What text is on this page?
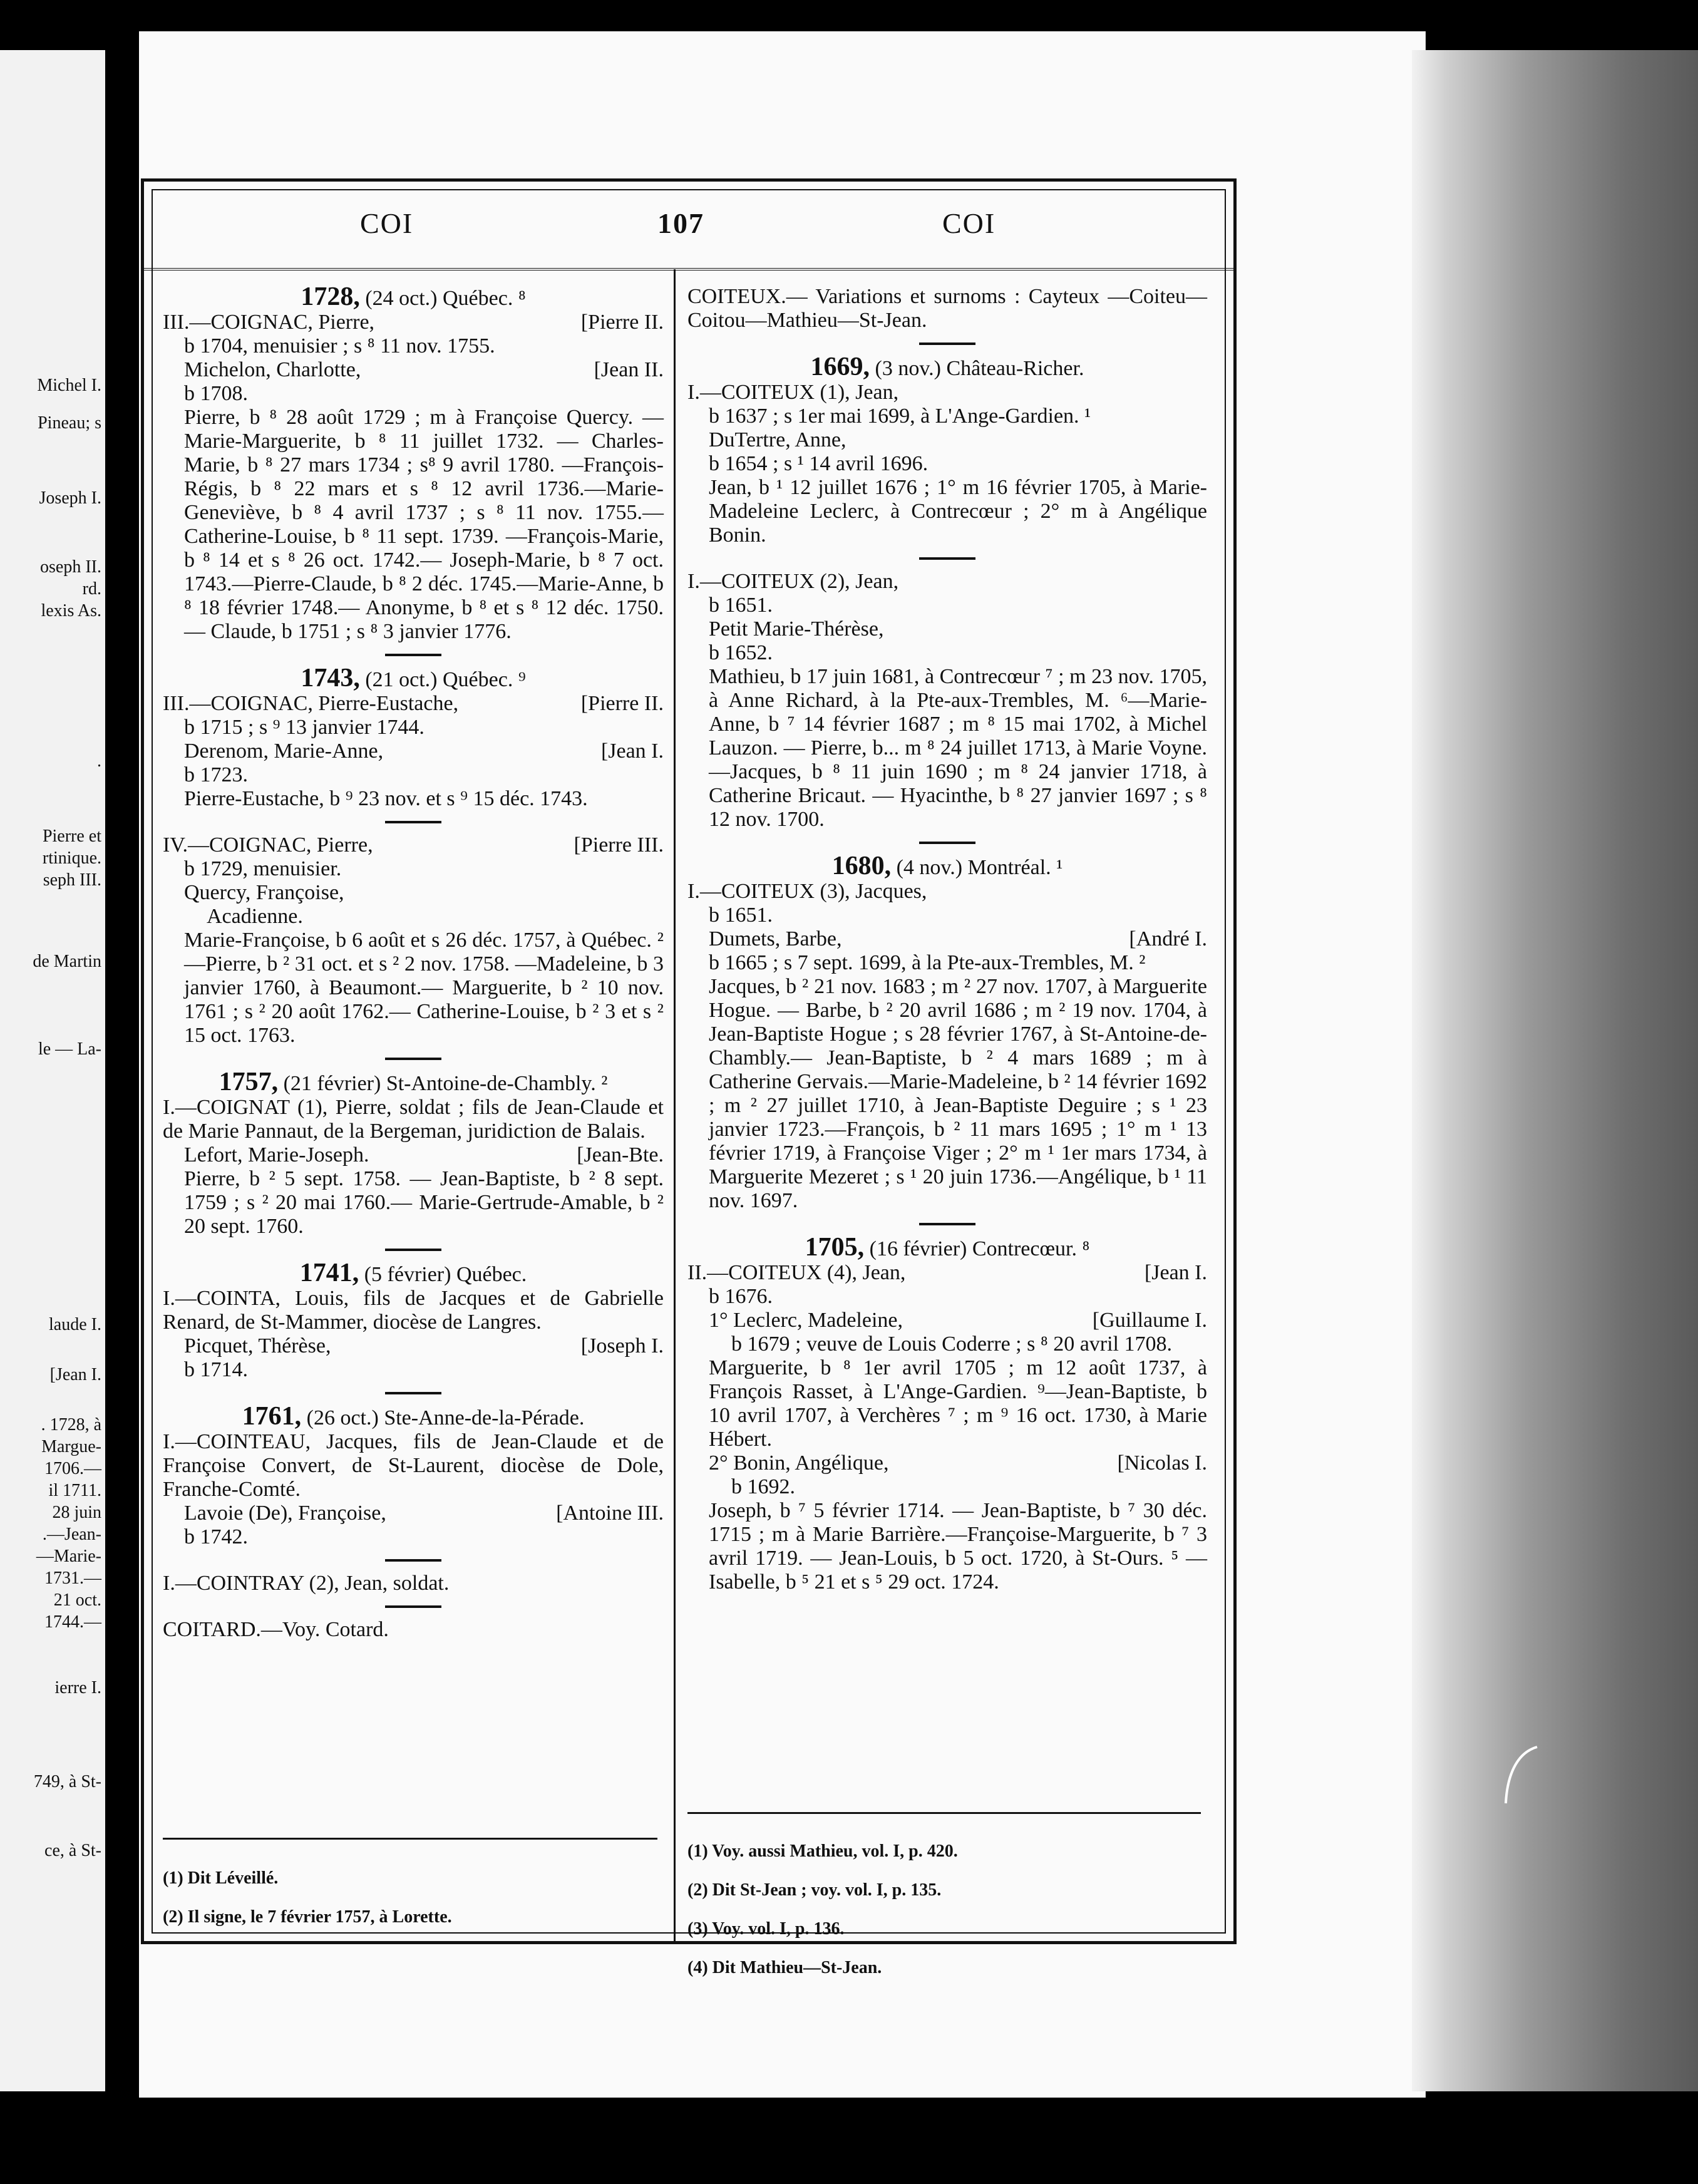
Michel I.
Pineau; s
Joseph I.
oseph II.
rd.
lexis As.
.
Pierre et
rtinique.
seph III.
de Martin
le — La-
laude I.
[Jean I.
. 1728, à
Margue-
1706.—
il 1711.
28 juin
.—Jean-
—Marie-
1731.—
21 oct.
1744.—
ierre I.
749, à St-
ce, à St-
COI	107	COI

1728, (24 oct.) Québec. ⁸

[Pierre II.
III.—COIGNAC, Pierre,

b 1704, menuisier ; s ⁸ 11 nov. 1755.

[Jean II.
Michelon, Charlotte,

b 1708.

Pierre, b ⁸ 28 août 1729 ; m à Françoise Quercy. — Marie-Marguerite, b ⁸ 11 juillet 1732. — Charles-Marie, b ⁸ 27 mars 1734 ; s⁸ 9 avril 1780. —François-Régis, b ⁸ 22 mars et s ⁸ 12 avril 1736.—Marie-Geneviève, b ⁸ 4 avril 1737 ; s ⁸ 11 nov. 1755.—Catherine-Louise, b ⁸ 11 sept. 1739. —François-Marie, b ⁸ 14 et s ⁸ 26 oct. 1742.— Joseph-Marie, b ⁸ 7 oct. 1743.—Pierre-Claude, b ⁸ 2 déc. 1745.—Marie-Anne, b ⁸ 18 février 1748.— Anonyme, b ⁸ et s ⁸ 12 déc. 1750. — Claude, b 1751 ; s ⁸ 3 janvier 1776.

1743, (21 oct.) Québec. ⁹

[Pierre II.
III.—COIGNAC, Pierre-Eustache,

b 1715 ; s ⁹ 13 janvier 1744.

[Jean I.
Derenom, Marie-Anne,

b 1723.

Pierre-Eustache, b ⁹ 23 nov. et s ⁹ 15 déc. 1743.

[Pierre III.
IV.—COIGNAC, Pierre,

b 1729, menuisier.

Quercy, Françoise,

Acadienne.

Marie-Françoise, b 6 août et s 26 déc. 1757, à Québec. ²—Pierre, b ² 31 oct. et s ² 2 nov. 1758. —Madeleine, b 3 janvier 1760, à Beaumont.— Marguerite, b ² 10 nov. 1761 ; s ² 20 août 1762.— Catherine-Louise, b ² 3 et s ² 15 oct. 1763.

1757, (21 février) St-Antoine-de-Chambly. ²

I.—COIGNAT (1), Pierre, soldat ; fils de Jean-Claude et de Marie Pannaut, de la Bergeman, juridiction de Balais.

[Jean-Bte.
Lefort, Marie-Joseph.

Pierre, b ² 5 sept. 1758. — Jean-Baptiste, b ² 8 sept. 1759 ; s ² 20 mai 1760.— Marie-Gertrude-Amable, b ² 20 sept. 1760.

1741, (5 février) Québec.

I.—COINTA, Louis, fils de Jacques et de Gabrielle Renard, de St-Mammer, diocèse de Langres.

[Joseph I.
Picquet, Thérèse,

b 1714.

1761, (26 oct.) Ste-Anne-de-la-Pérade.

I.—COINTEAU, Jacques, fils de Jean-Claude et de Françoise Convert, de St-Laurent, diocèse de Dole, Franche-Comté.

[Antoine III.
Lavoie (De), Françoise,

b 1742.

I.—COINTRAY (2), Jean, soldat.

COITARD.—Voy. Cotard.

COITEUX.— Variations et surnoms : Cayteux —Coiteu—Coitou—Mathieu—St-Jean.

1669, (3 nov.) Château-Richer.

I.—COITEUX (1), Jean,

b 1637 ; s 1er mai 1699, à L'Ange-Gardien. ¹

DuTertre, Anne,

b 1654 ; s ¹ 14 avril 1696.

Jean, b ¹ 12 juillet 1676 ; 1° m 16 février 1705, à Marie-Madeleine Leclerc, à Contrecœur ; 2° m à Angélique Bonin.

I.—COITEUX (2), Jean,

b 1651.

Petit Marie-Thérèse,

b 1652.

Mathieu, b 17 juin 1681, à Contrecœur ⁷ ; m 23 nov. 1705, à Anne Richard, à la Pte-aux-Trembles, M. ⁶—Marie-Anne, b ⁷ 14 février 1687 ; m ⁸ 15 mai 1702, à Michel Lauzon. — Pierre, b... m ⁸ 24 juillet 1713, à Marie Voyne.—Jacques, b ⁸ 11 juin 1690 ; m ⁸ 24 janvier 1718, à Catherine Bricaut. — Hyacinthe, b ⁸ 27 janvier 1697 ; s ⁸ 12 nov. 1700.

1680, (4 nov.) Montréal. ¹

I.—COITEUX (3), Jacques,

b 1651.

[André I.
Dumets, Barbe,

b 1665 ; s 7 sept. 1699, à la Pte-aux-Trembles, M. ²

Jacques, b ² 21 nov. 1683 ; m ² 27 nov. 1707, à Marguerite Hogue. — Barbe, b ² 20 avril 1686 ; m ² 19 nov. 1704, à Jean-Baptiste Hogue ; s 28 février 1767, à St-Antoine-de-Chambly.— Jean-Baptiste, b ² 4 mars 1689 ; m à Catherine Gervais.—Marie-Madeleine, b ² 14 février 1692 ; m ² 27 juillet 1710, à Jean-Baptiste Deguire ; s ¹ 23 janvier 1723.—François, b ² 11 mars 1695 ; 1° m ¹ 13 février 1719, à Françoise Viger ; 2° m ¹ 1er mars 1734, à Marguerite Mezeret ; s ¹ 20 juin 1736.—Angélique, b ¹ 11 nov. 1697.

1705, (16 février) Contrecœur. ⁸

[Jean I.
II.—COITEUX (4), Jean,

b 1676.

[Guillaume I.
1° Leclerc, Madeleine,

b 1679 ; veuve de Louis Coderre ; s ⁸ 20 avril 1708.

Marguerite, b ⁸ 1er avril 1705 ; m 12 août 1737, à François Rasset, à L'Ange-Gardien. ⁹—Jean-Baptiste, b 10 avril 1707, à Verchères ⁷ ; m ⁹ 16 oct. 1730, à Marie Hébert.

[Nicolas I.
2° Bonin, Angélique,

b 1692.

Joseph, b ⁷ 5 février 1714. — Jean-Baptiste, b ⁷ 30 déc. 1715 ; m à Marie Barrière.—Françoise-Marguerite, b ⁷ 3 avril 1719. — Jean-Louis, b 5 oct. 1720, à St-Ours. ⁵ — Isabelle, b ⁵ 21 et s ⁵ 29 oct. 1724.

(1) Dit Léveillé.

(2) Il signe, le 7 février 1757, à Lorette.

(1) Voy. aussi Mathieu, vol. I, p. 420.

(2) Dit St-Jean ; voy. vol. I, p. 135.

(3) Voy. vol. I, p. 136.

(4) Dit Mathieu—St-Jean.
